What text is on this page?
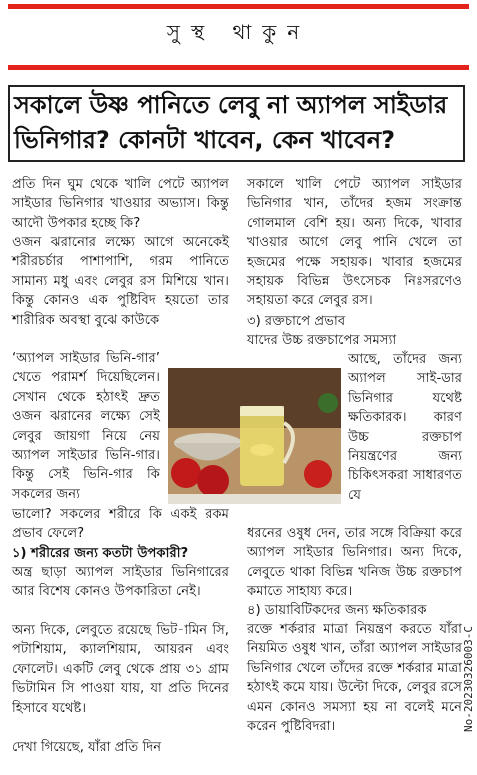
সুস্থ থাকুন
সকালে উষ্ণ পানিতে লেবু না অ্যাপল সাইডার ভিনিগার? কোনটা খাবেন, কেন খাবেন?
প্রতি দিন ঘুম থেকে খালি পেটে অ্যাপল সাইডার ভিনিগার খাওয়ার অভ্যাস। কিন্তু আদৌ উপকার হচ্ছে কি?
ওজন ঝরানোর লক্ষ্যে আগে অনেকেই শরীরচর্চার পাশাপাশি, গরম পানিতে সামান্য মধু এবং লেবুর রস মিশিয়ে খান। কিন্তু কোনও এক পুষ্টিবিদ হয়তো তার শারীরিক অবস্থা বুঝে কাউকে
‘অ্যাপল সাইডার ভিনি-গার’ খেতে পরামর্শ দিয়েছিলেন। সেখান থেকে হঠাৎই দ্রুত ওজন ঝরানের লক্ষ্যে সেই লেবুর জায়গা নিয়ে নেয় অ্যাপল সাইডার ভিনি-গার। কিন্তু সেই ভিনি-গার কি সকলের জন্য
ভালো? সকলের শরীরে কি একই রকম প্রভাব ফেলে?
১) শরীরের জন্য কতটা উপকারী?
অন্ত্র ছাড়া অ্যাপল সাইডার ভিনিগারের আর বিশেষ কোনও উপকারিতা নেই।
অন্য দিকে, লেবুতে রয়েছে ভিট-ামিন সি, পটাশিয়াম, ক্যালশিয়াম, আয়রন এবং ফোলেট। একটি লেবু থেকে প্রায় ৩১ গ্রাম ভিটামিন সি পাওয়া যায়, যা প্রতি দিনের হিসাবে যথেষ্ট।
দেখা গিয়েছে, যাঁরা প্রতি দিন
সকালে খালি পেটে অ্যাপল সাইডার ভিনিগার খান, তাঁদের হজম সংক্রান্ত গোলমাল বেশি হয়। অন্য দিকে, খাবার খাওয়ার আগে লেবু পানি খেলে তা হজমের পক্ষে সহায়ক। খাবার হজমের সহায়ক বিভিন্ন উৎসেচক নিঃসরণেও সহায়তা করে লেবুর রস।
৩) রক্তচাপে প্রভাব
যাদের উচ্চ রক্তচাপের সমস্যা
আছে, তাঁদের জন্য অ্যাপল সাই-ডার ভিনিগার যথেষ্ট ক্ষতিকারক। কারণ উচ্চ রক্তচাপ নিয়ন্ত্রণের জন্য চিকিৎসকরা সাধারণত যে
ধরনের ওষুধ দেন, তার সঙ্গে বিক্রিয়া করে অ্যাপল সাইডার ভিনিগার। অন্য দিকে, লেবুতে থাকা বিভিন্ন খনিজ উচ্চ রক্তচাপ কমাতে সাহায্য করে।
৪) ডায়াবিটিকদের জন্য ক্ষতিকারক
রক্তে শর্করার মাত্রা নিয়ন্ত্রণ করতে যাঁরা নিয়মিত ওষুধ খান, তাঁরা অ্যাপল সাইডার ভিনিগার খেলে তাঁদের রক্তে শর্করার মাত্রা হঠাৎই কমে যায়। উল্টো দিকে, লেবুর রসে এমন কোনও সমস্যা হয় না বলেই মনে করেন পুষ্টিবিদরা।	No-20230326003-C
